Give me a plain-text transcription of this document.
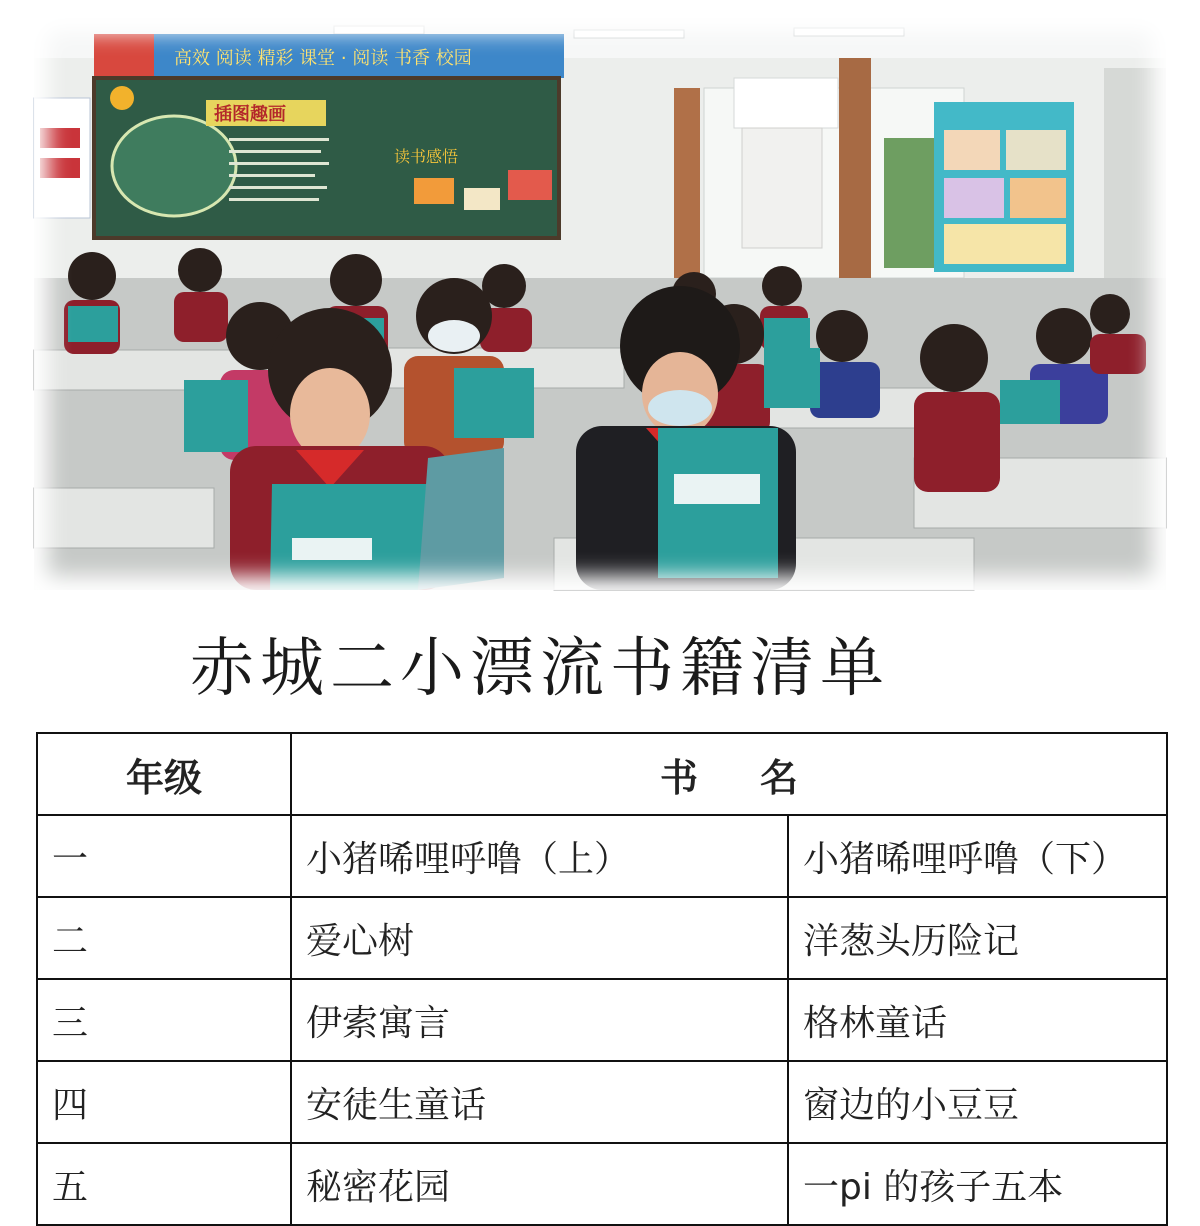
高效 阅读 精彩 课堂 · 阅读 书香 校园
插图趣画
读书感悟
赤城二小漂流书籍清单
年级	书 名	
一	小猪唏哩呼噜（上）	小猪唏哩呼噜（下）
二	爱心树	洋葱头历险记
三	伊索寓言	格林童话
四	安徒生童话	窗边的小豆豆
五	秘密花园	一pi 的孩子五本
